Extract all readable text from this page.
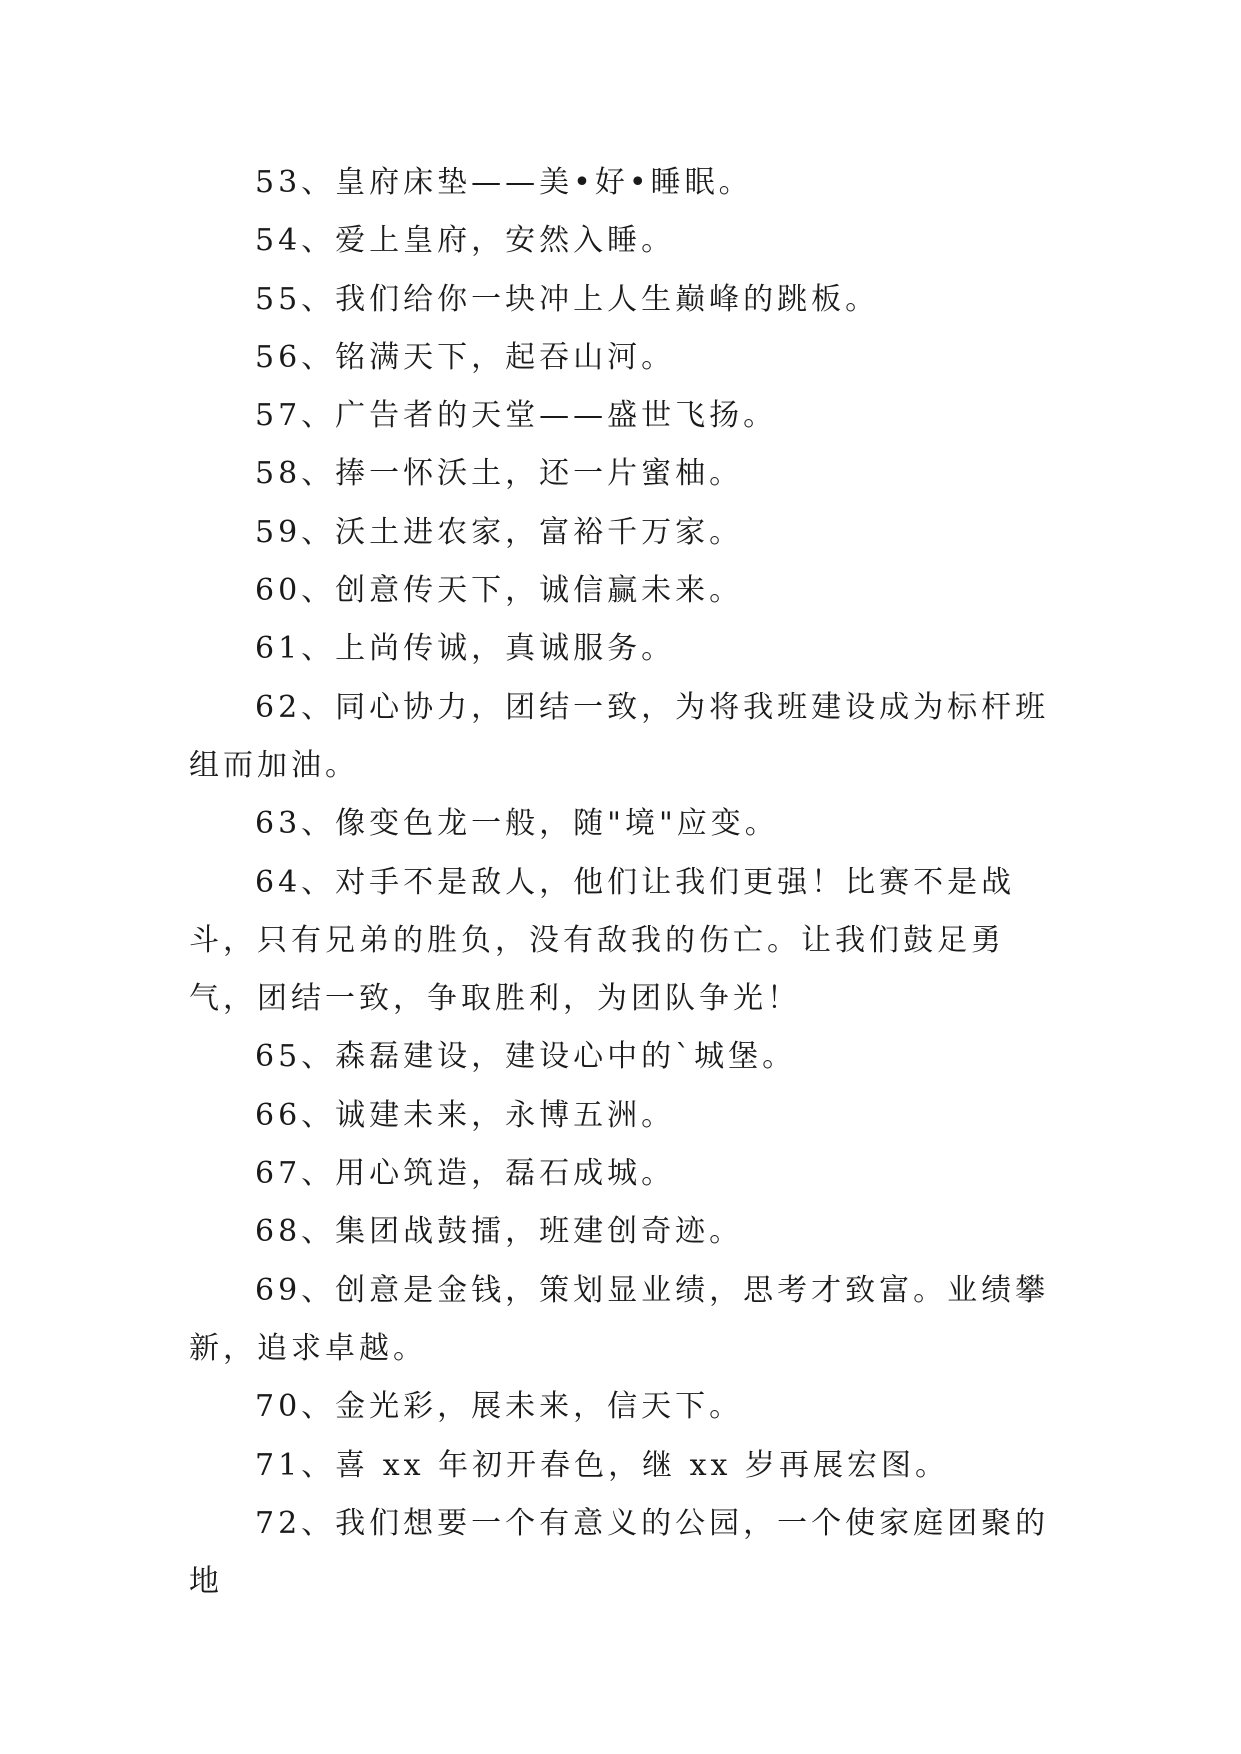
53、皇府床垫——美•好•睡眠。

54、爱上皇府，安然入睡。

55、我们给你一块冲上人生巅峰的跳板。

56、铭满天下，起吞山河。

57、广告者的天堂——盛世飞扬。

58、捧一怀沃土，还一片蜜柚。

59、沃土进农家，富裕千万家。

60、创意传天下，诚信赢未来。

61、上尚传诚，真诚服务。

62、同心协力，团结一致，为将我班建设成为标杆班组而加油。

63、像变色龙一般，随"境"应变。

64、对手不是敌人，他们让我们更强！比赛不是战斗，只有兄弟的胜负，没有敌我的伤亡。让我们鼓足勇气，团结一致，争取胜利，为团队争光！

65、森磊建设，建设心中的`城堡。

66、诚建未来，永博五洲。

67、用心筑造，磊石成城。

68、集团战鼓擂，班建创奇迹。

69、创意是金钱，策划显业绩，思考才致富。业绩攀新，追求卓越。

70、金光彩，展未来，信天下。

71、喜 xx 年初开春色，继 xx 岁再展宏图。

72、我们想要一个有意义的公园，一个使家庭团聚的地
